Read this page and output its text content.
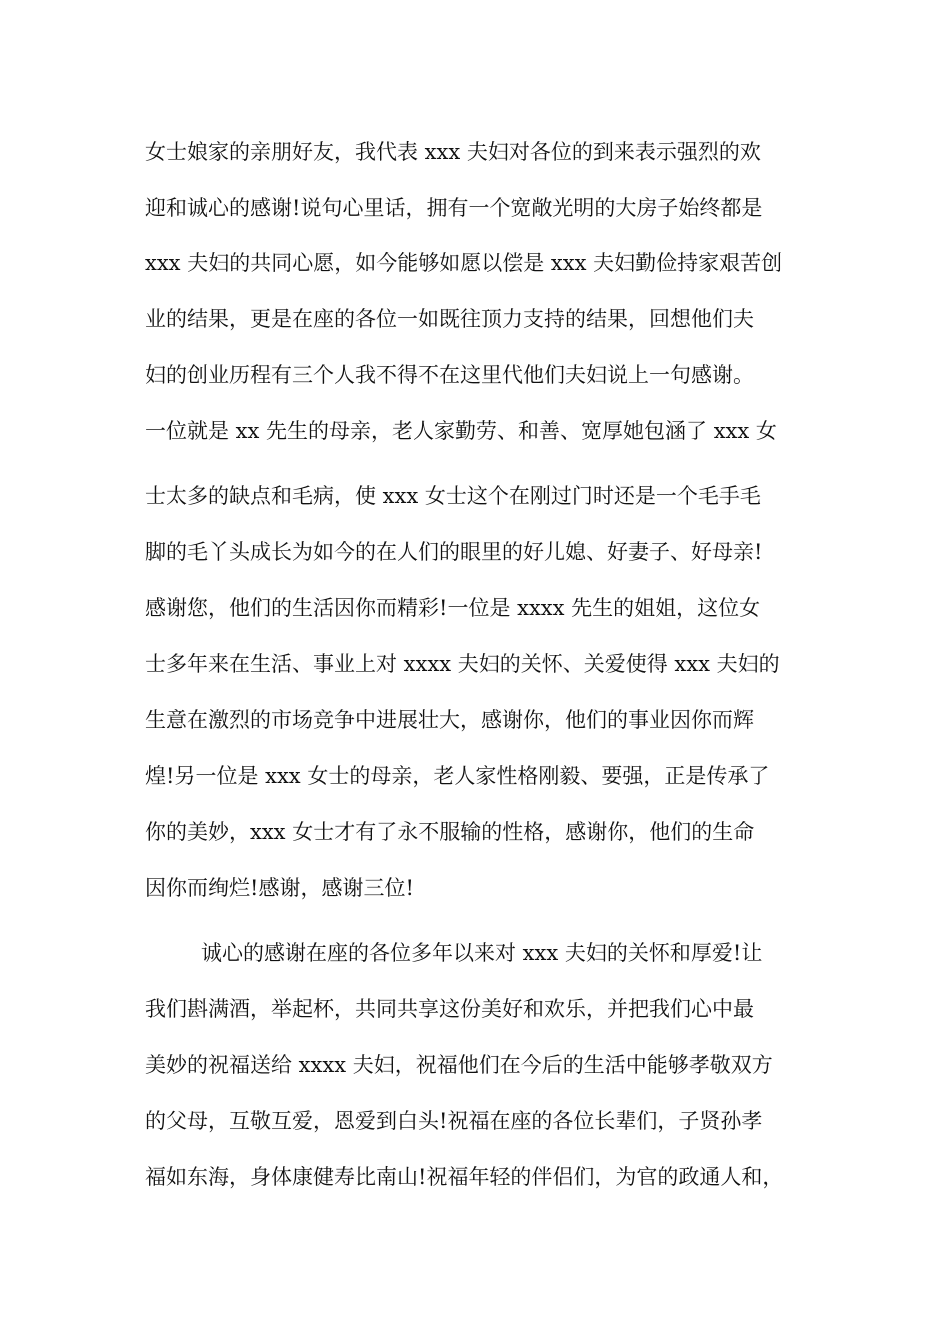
女士娘家的亲朋好友，我代表 xxx 夫妇对各位的到来表示强烈的欢
迎和诚心的感谢!说句心里话，拥有一个宽敞光明的大房子始终都是
xxx 夫妇的共同心愿，如今能够如愿以偿是 xxx 夫妇勤俭持家艰苦创
业的结果，更是在座的各位一如既往顶力支持的结果，回想他们夫
妇的创业历程有三个人我不得不在这里代他们夫妇说上一句感谢。
一位就是 xx 先生的母亲，老人家勤劳、和善、宽厚她包涵了 xxx 女
士太多的缺点和毛病，使 xxx 女士这个在刚过门时还是一个毛手毛
脚的毛丫头成长为如今的在人们的眼里的好儿媳、好妻子、好母亲!
感谢您，他们的生活因你而精彩!一位是 xxxx 先生的姐姐，这位女
士多年来在生活、事业上对 xxxx 夫妇的关怀、关爱使得 xxx 夫妇的
生意在激烈的市场竞争中进展壮大，感谢你，他们的事业因你而辉
煌!另一位是 xxx 女士的母亲，老人家性格刚毅、要强，正是传承了
你的美妙，xxx 女士才有了永不服输的性格，感谢你，他们的生命
因你而绚烂!感谢，感谢三位!
诚心的感谢在座的各位多年以来对 xxx 夫妇的关怀和厚爱!让
我们斟满酒，举起杯，共同共享这份美好和欢乐，并把我们心中最
美妙的祝福送给 xxxx 夫妇，祝福他们在今后的生活中能够孝敬双方
的父母，互敬互爱，恩爱到白头!祝福在座的各位长辈们，子贤孙孝
福如东海，身体康健寿比南山!祝福年轻的伴侣们，为官的政通人和，
